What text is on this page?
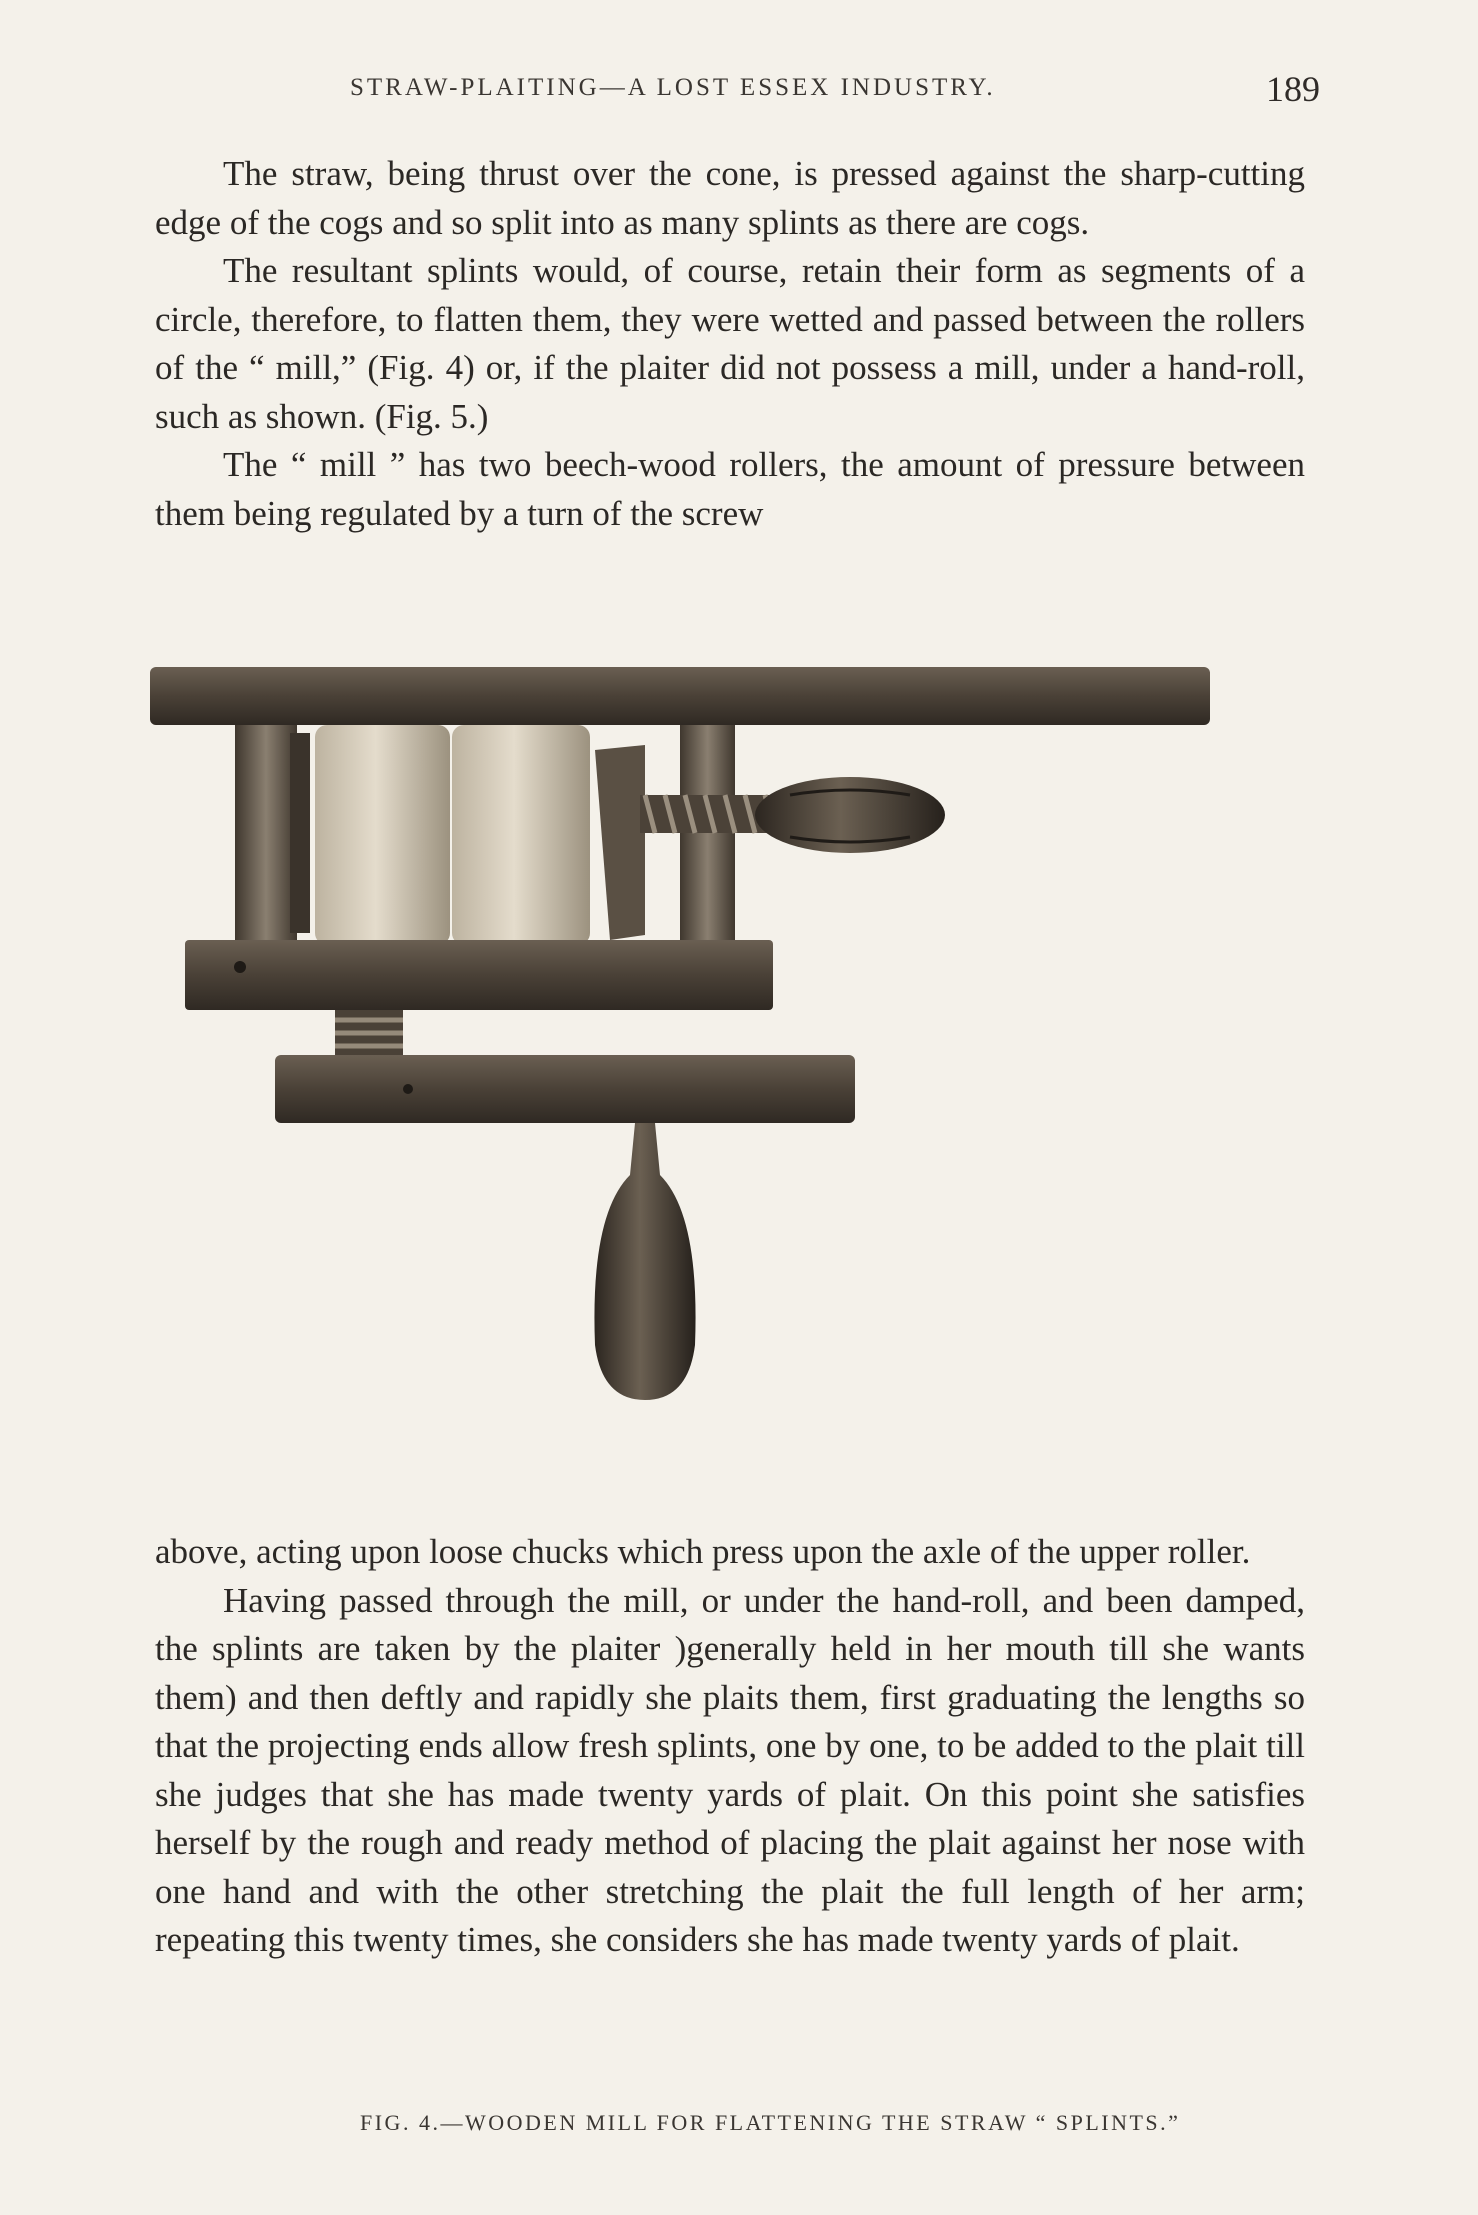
STRAW-PLAITING—A LOST ESSEX INDUSTRY.	189

The straw, being thrust over the cone, is pressed against the sharp-cutting edge of the cogs and so split into as many splints as there are cogs.

The resultant splints would, of course, retain their form as segments of a circle, therefore, to flatten them, they were wetted and passed between the rollers of the “ mill,” (Fig. 4) or, if the plaiter did not possess a mill, under a hand-roll, such as shown. (Fig. 5.)

The “ mill ” has two beech-wood rollers, the amount of pressure between them being regulated by a turn of the screw

FIG. 4.—WOODEN MILL FOR FLATTENING THE STRAW “ SPLINTS.”

above, acting upon loose chucks which press upon the axle of the upper roller.

Having passed through the mill, or under the hand-roll, and been damped, the splints are taken by the plaiter )generally held in her mouth till she wants them) and then deftly and rapidly she plaits them, first graduating the lengths so that the projecting ends allow fresh splints, one by one, to be added to the plait till she judges that she has made twenty yards of plait. On this point she satisfies herself by the rough and ready method of placing the plait against her nose with one hand and with the other stretching the plait the full length of her arm; repeating this twenty times, she considers she has made twenty yards of plait.
